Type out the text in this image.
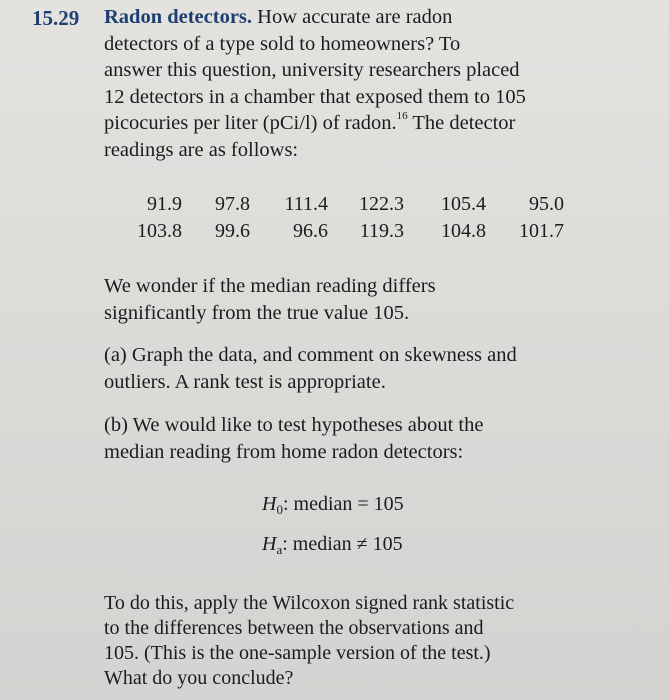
15.29 Radon detectors. How accurate are radon
detectors of a type sold to homeowners? To
answer this question, university researchers placed
12 detectors in a chamber that exposed them to 105
picocuries per liter (pCi/l) of radon.$^{16}$ The detector
readings are as follows:
91.9	97.8	111.4	122.3	105.4	95.0
103.8	99.6	96.6	119.3	104.8	101.7
We wonder if the median reading differs
significantly from the true value 105.
(a) Graph the data, and comment on skewness and
outliers. A rank test is appropriate.
(b) We would like to test hypotheses about the
median reading from home radon detectors:
$H_0$: median = 105
$H_a$: median ≠ 105
To do this, apply the Wilcoxon signed rank statistic
to the differences between the observations and
105. (This is the one-sample version of the test.)
What do you conclude?
